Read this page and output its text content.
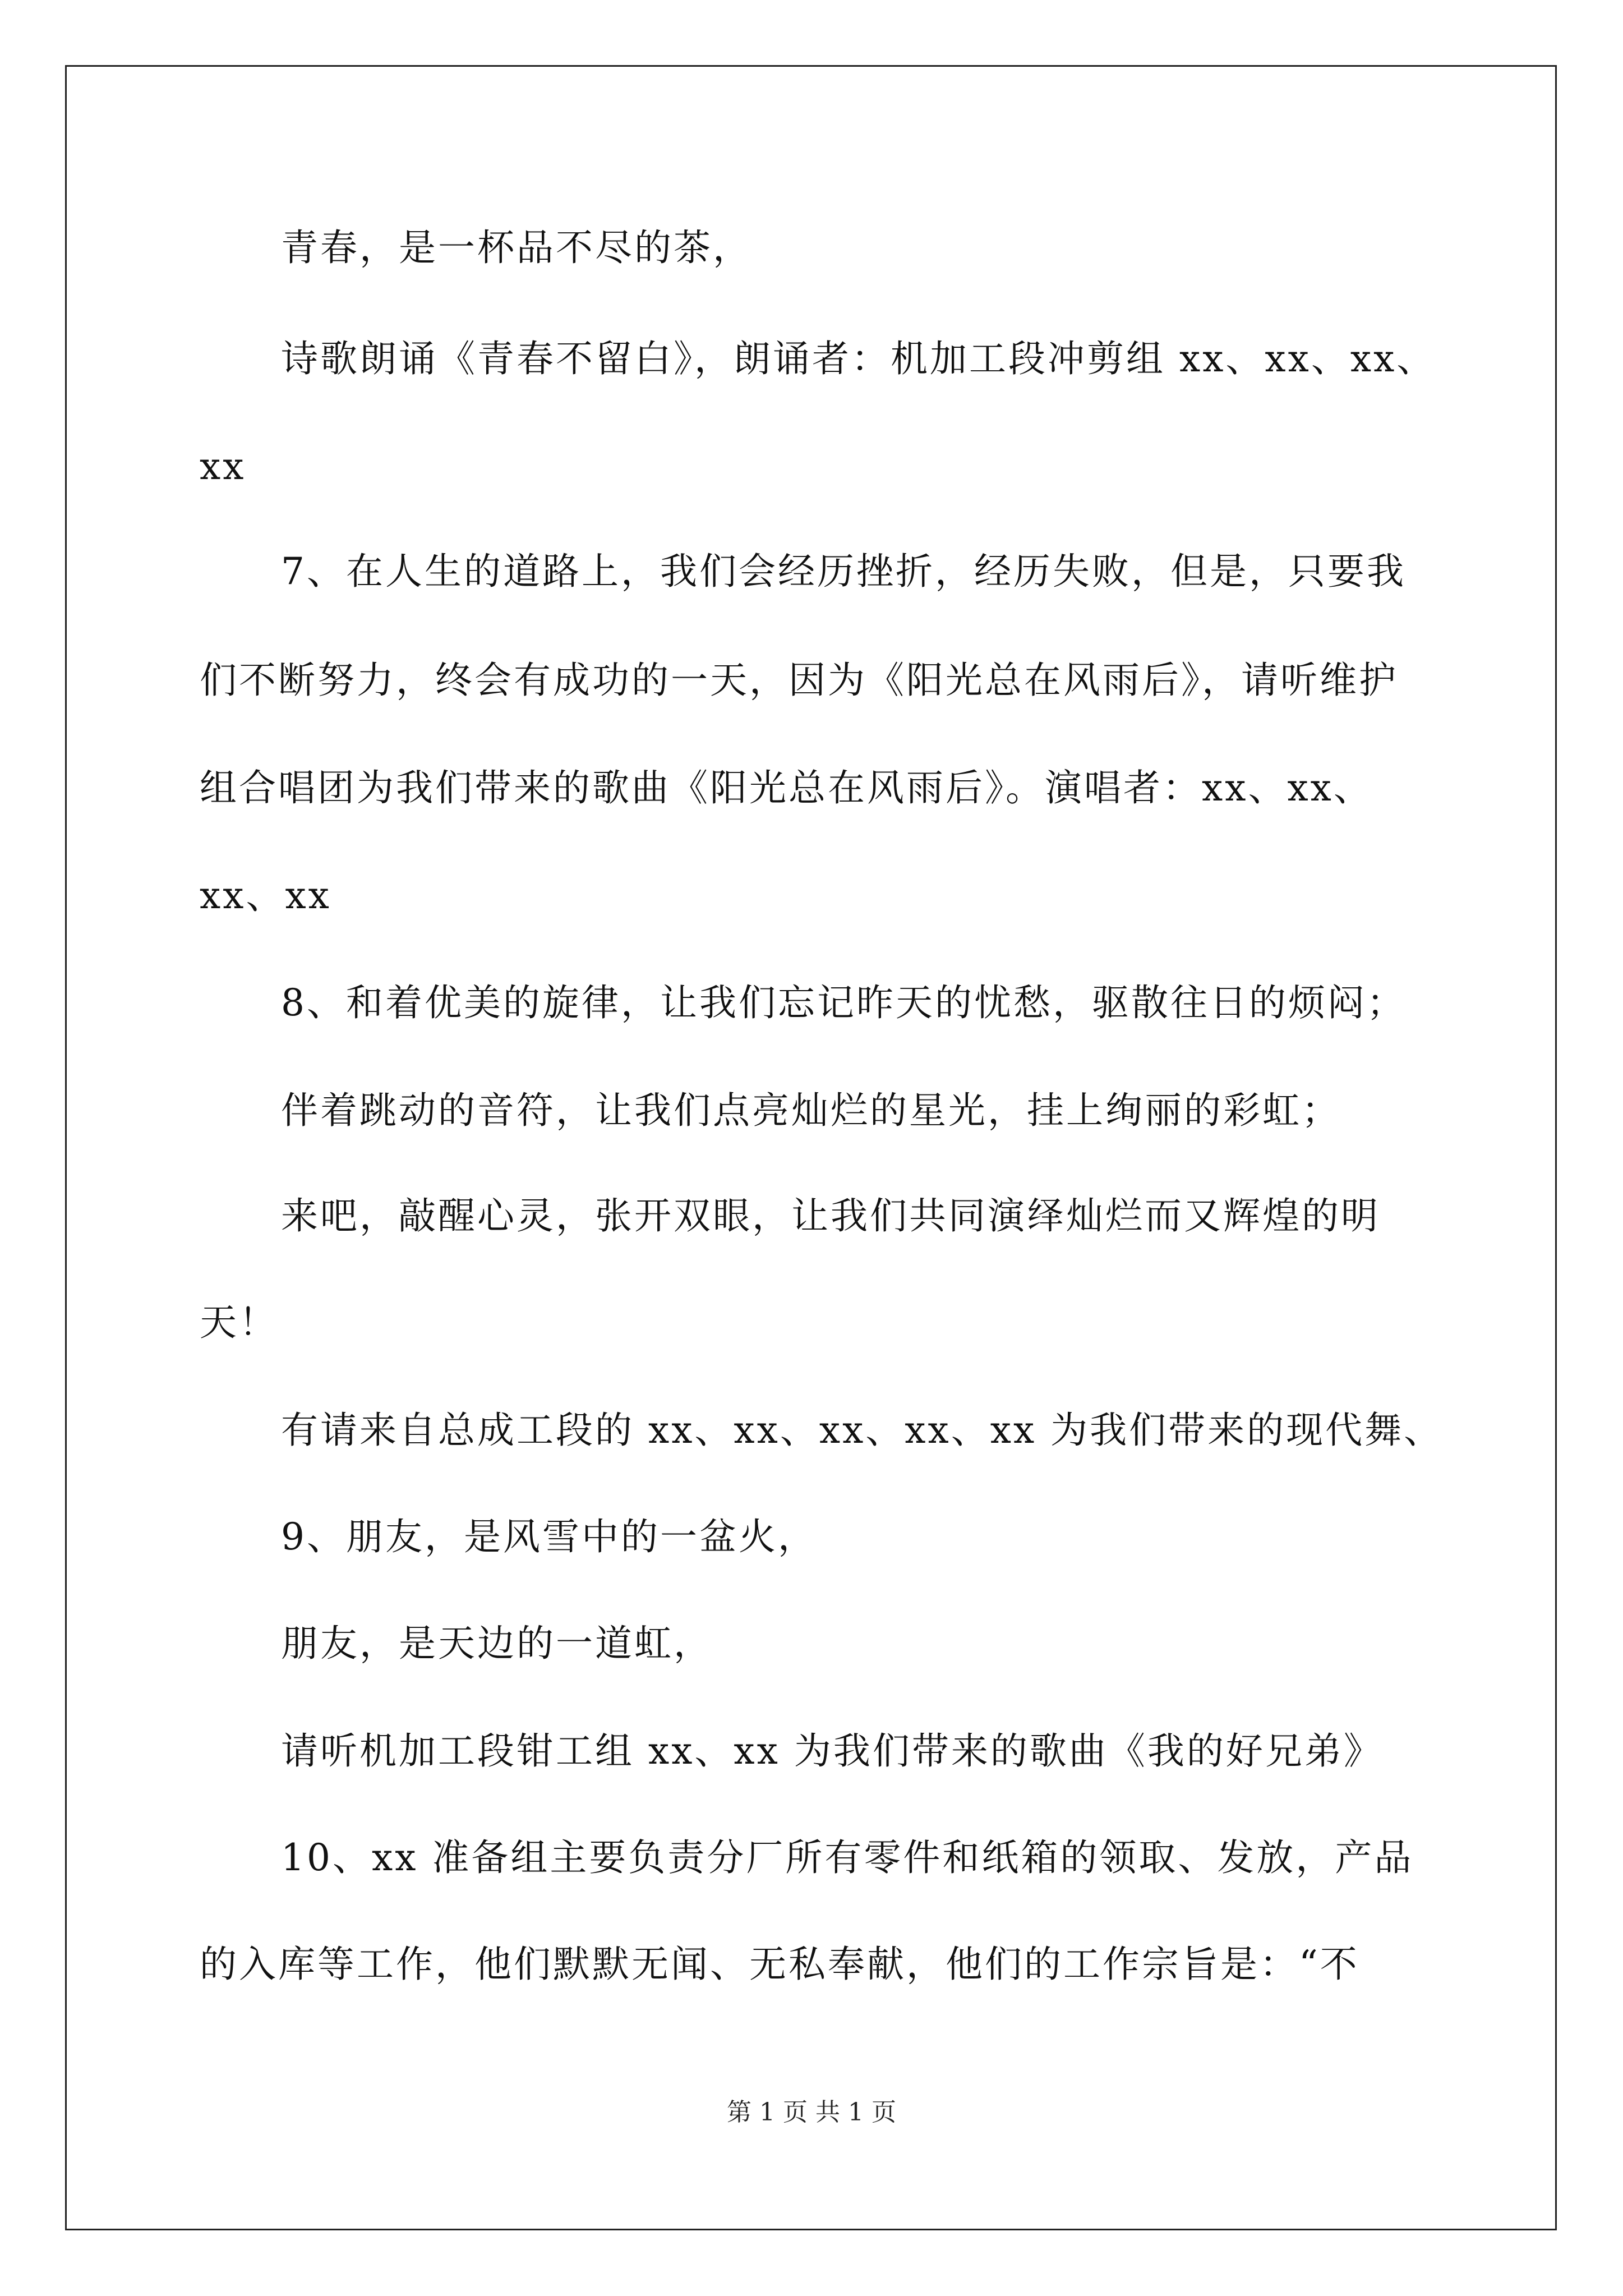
青春，是一杯品不尽的茶，
诗歌朗诵《青春不留白》，朗诵者：机加工段冲剪组 xx、xx、xx、
xx
7、在人生的道路上，我们会经历挫折，经历失败，但是，只要我
们不断努力，终会有成功的一天，因为《阳光总在风雨后》，请听维护
组合唱团为我们带来的歌曲《阳光总在风雨后》。演唱者：xx、xx、
xx、xx
8、和着优美的旋律，让我们忘记昨天的忧愁，驱散往日的烦闷；
伴着跳动的音符，让我们点亮灿烂的星光，挂上绚丽的彩虹；
来吧，敲醒心灵，张开双眼，让我们共同演绎灿烂而又辉煌的明
天！
有请来自总成工段的 xx、xx、xx、xx、xx 为我们带来的现代舞、
9、朋友，是风雪中的一盆火，
朋友，是天边的一道虹，
请听机加工段钳工组 xx、xx 为我们带来的歌曲《我的好兄弟》
10、xx 准备组主要负责分厂所有零件和纸箱的领取、发放，产品
的入库等工作，他们默默无闻、无私奉献，他们的工作宗旨是：“不
第 1 页 共 1 页
